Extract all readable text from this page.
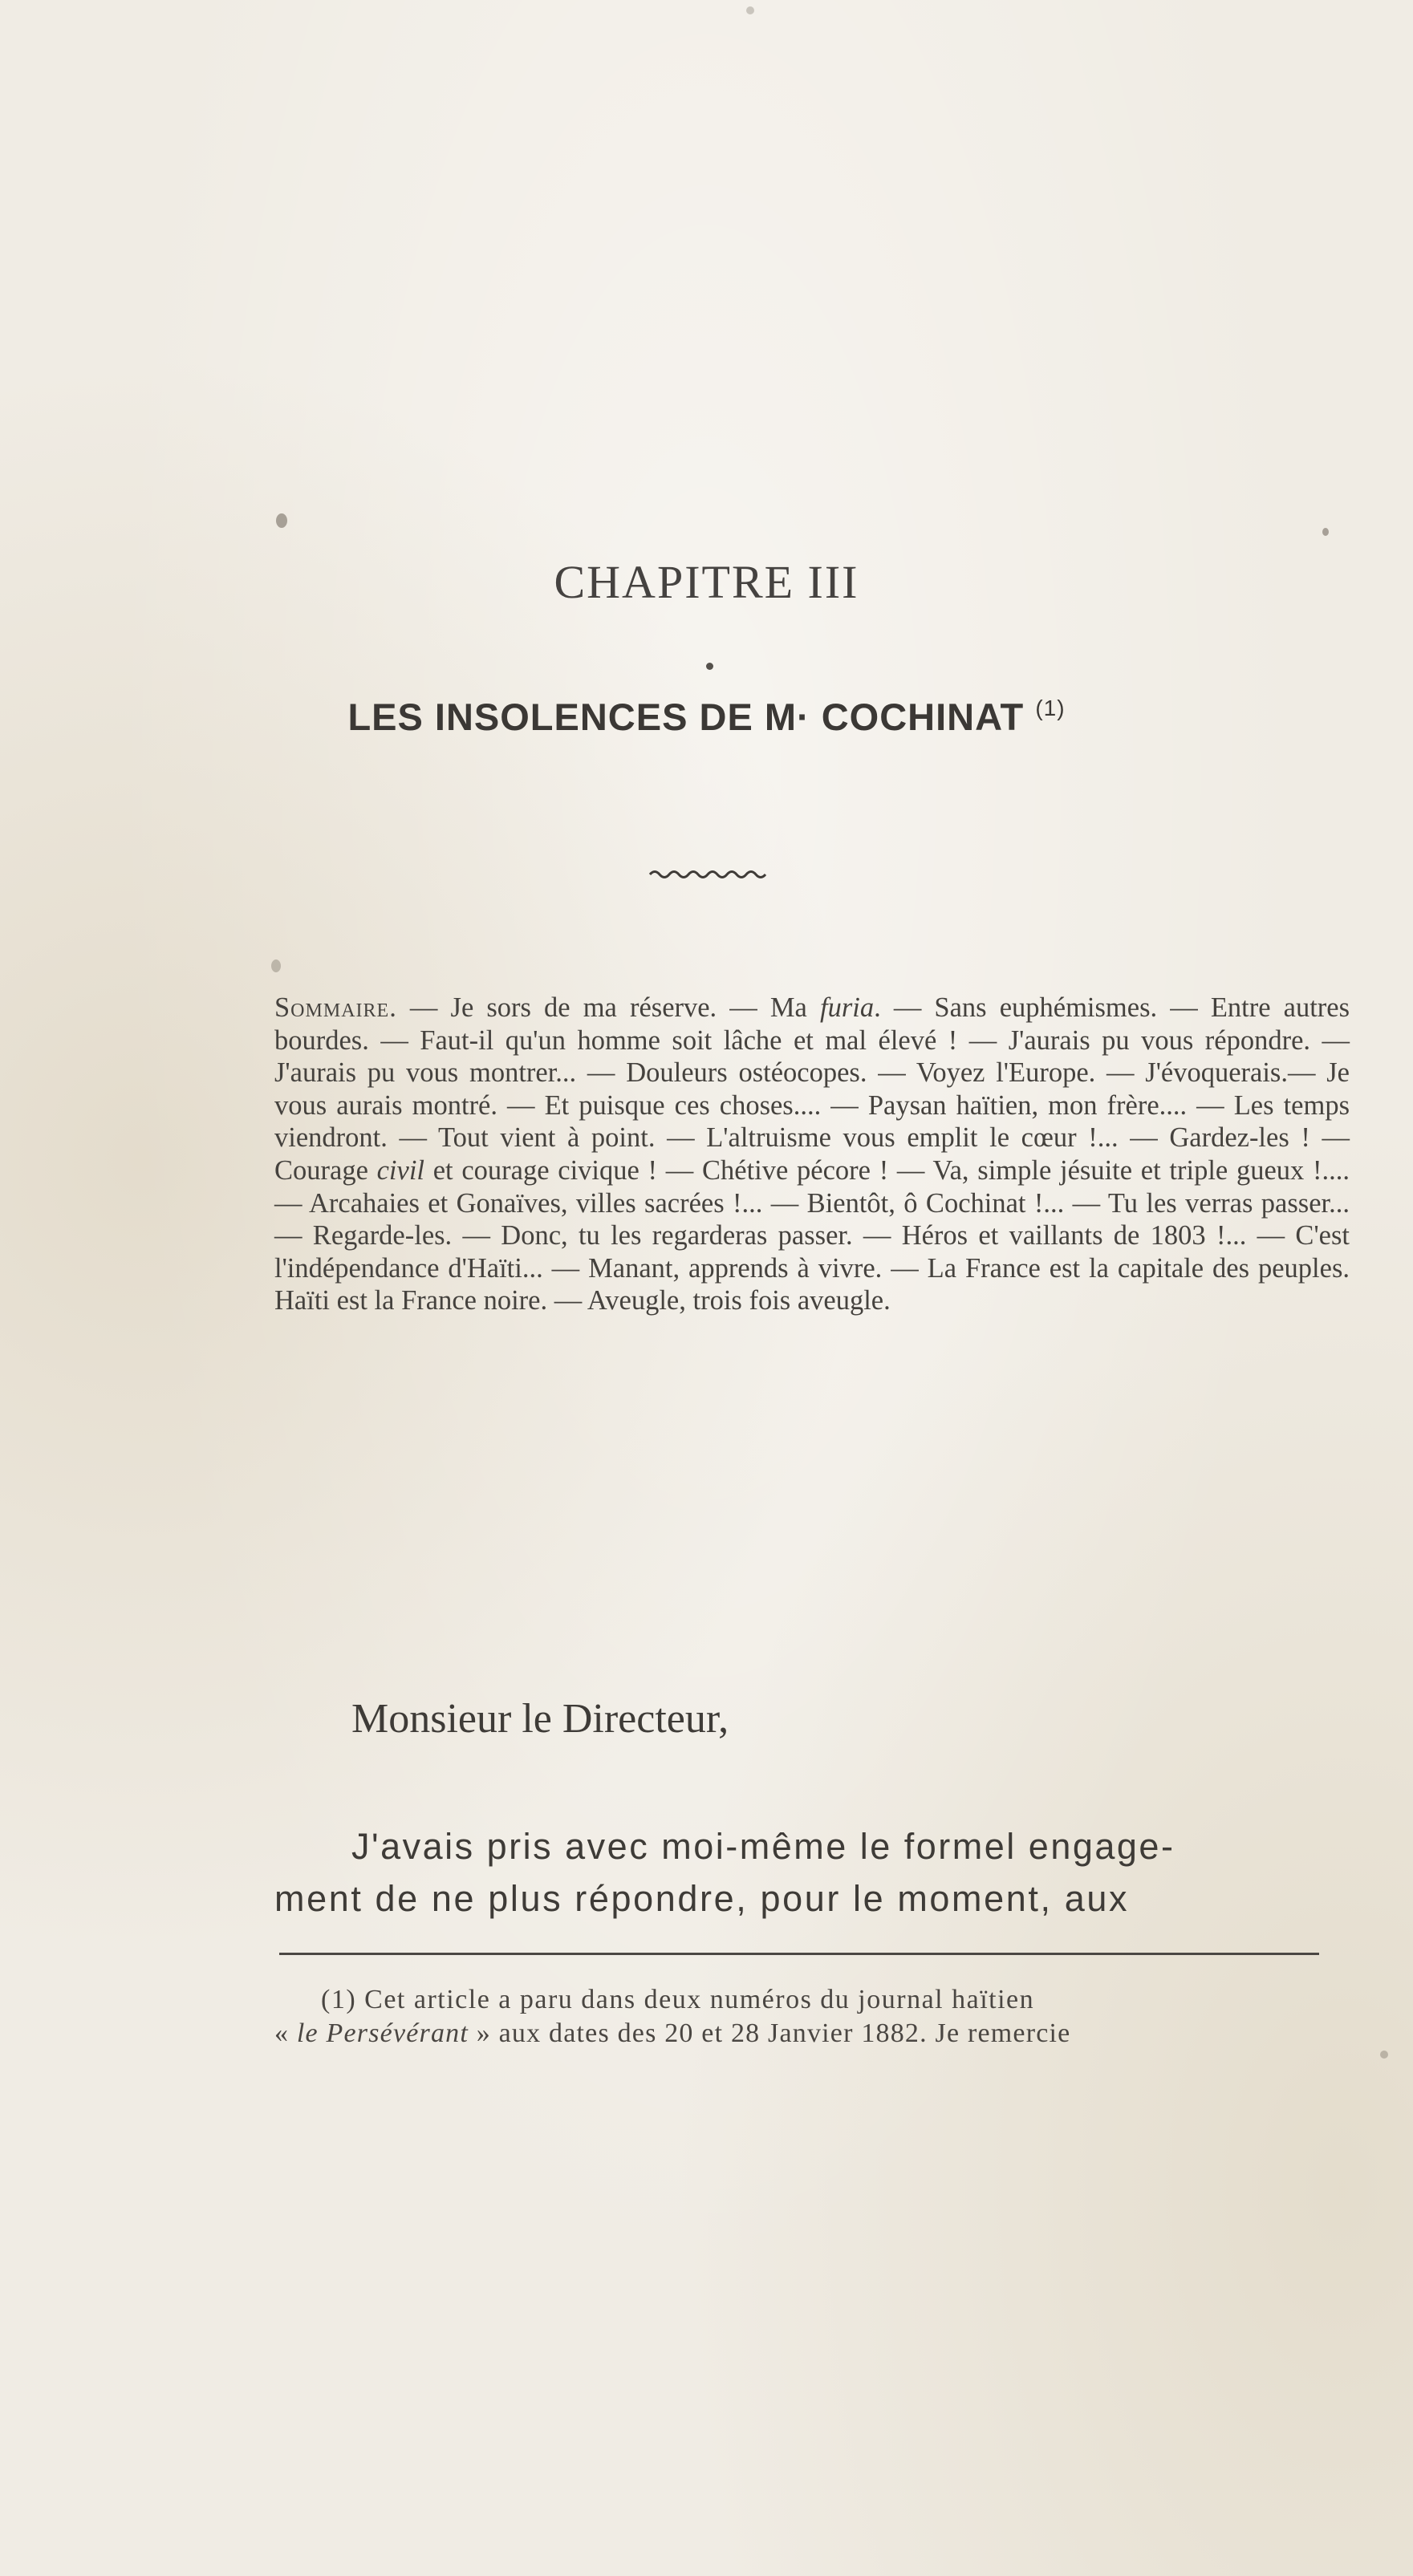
CHAPITRE III
LES INSOLENCES DE M· COCHINAT $^{(1)}$
Sommaire. — Je sors de ma réserve. — Ma furia. — Sans euphémismes. — Entre autres bourdes. — Faut-il qu'un homme soit lâche et mal élevé ! — J'aurais pu vous répondre. — J'aurais pu vous montrer... — Douleurs ostéocopes. — Voyez l'Europe. — J'évoquerais.— Je vous aurais montré. — Et puisque ces choses.... — Paysan haïtien, mon frère.... — Les temps viendront. — Tout vient à point. — L'altruisme vous emplit le cœur !... — Gardez-les ! — Courage civil et courage civique ! — Chétive pécore ! — Va, simple jésuite et triple gueux !.... — Arcahaies et Gonaïves, villes sacrées !... — Bientôt, ô Cochinat !... — Tu les verras passer... — Regarde-les. — Donc, tu les regarderas passer. — Héros et vaillants de 1803 !... — C'est l'indépendance d'Haïti... — Manant, apprends à vivre. — La France est la capitale des peuples. Haïti est la France noire. — Aveugle, trois fois aveugle.
Monsieur le Directeur,
J'avais pris avec moi-même le formel engage-
ment de ne plus répondre, pour le moment, aux
(1) Cet article a paru dans deux numéros du journal haïtien
« le Persévérant » aux dates des 20 et 28 Janvier 1882. Je remercie
